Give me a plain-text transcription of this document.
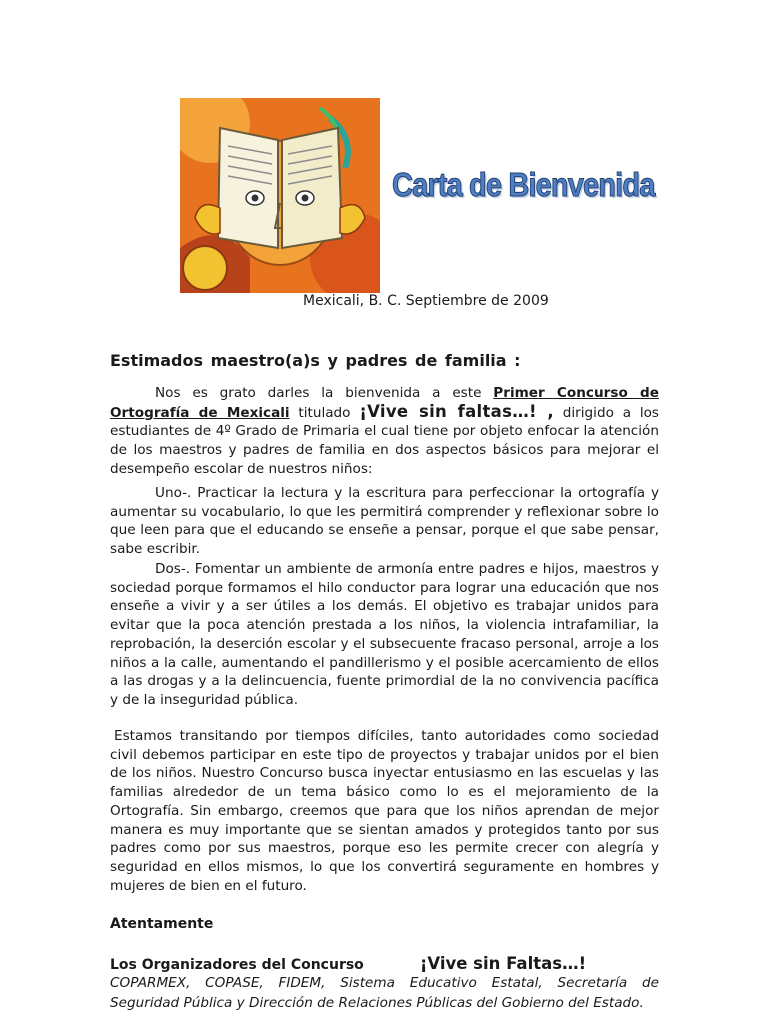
Carta de Bienvenida
Mexicali, B. C. Septiembre de 2009
Estimados maestro(a)s y padres de familia :
Nos es grato darles la bienvenida a este Primer Concurso de Ortografía de Mexicali titulado ¡Vive sin faltas…! , dirigido a los estudiantes de 4º Grado de Primaria el cual tiene por objeto enfocar la atención de los maestros y padres de familia en dos aspectos básicos para mejorar el desempeño escolar de nuestros niños:

Uno-. Practicar la lectura y la escritura para perfeccionar la ortografía y aumentar su vocabulario, lo que les permitirá comprender y reflexionar sobre lo que leen para que el educando se enseñe a pensar, porque el que sabe pensar, sabe escribir.

Dos-. Fomentar un ambiente de armonía entre padres e hijos, maestros y sociedad porque formamos el hilo conductor para lograr una educación que nos enseñe a vivir y a ser útiles a los demás. El objetivo es trabajar unidos para evitar que la poca atención prestada a los niños, la violencia intrafamiliar, la reprobación, la deserción escolar y el subsecuente fracaso personal, arroje a los niños a la calle, aumentando el pandillerismo y el posible acercamiento de ellos a las drogas y a la delincuencia, fuente primordial de la no convivencia pacífica y de la inseguridad pública.

Estamos transitando por tiempos difíciles, tanto autoridades como sociedad civil debemos participar en este tipo de proyectos y trabajar unidos por el bien de los niños. Nuestro Concurso busca inyectar entusiasmo en las escuelas y las familias alrededor de un tema básico como lo es el mejoramiento de la Ortografía. Sin embargo, creemos que para que los niños aprendan de mejor manera es muy importante que se sientan amados y protegidos tanto por sus padres como por sus maestros, porque eso les permite crecer con alegría y seguridad en ellos mismos, lo que los convertirá seguramente en hombres y mujeres de bien en el futuro.

Atentamente
Los Organizadores del Concurso	¡Vive sin Faltas…!
COPARMEX, COPASE, FIDEM, Sistema Educativo Estatal, Secretaría de Seguridad Pública y Dirección de Relaciones Públicas del Gobierno del Estado.
